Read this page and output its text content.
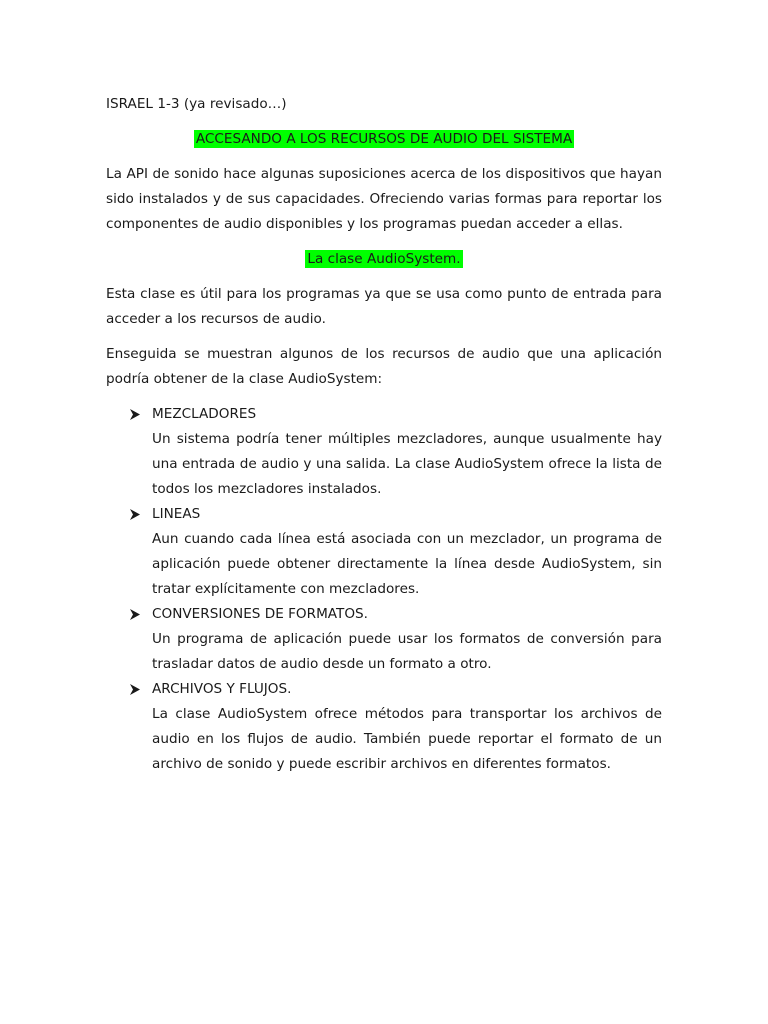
ISRAEL 1-3 (ya revisado…)
ACCESANDO A LOS RECURSOS DE AUDIO DEL SISTEMA

La API de sonido hace algunas suposiciones acerca de los dispositivos que hayan sido instalados y de sus capacidades. Ofreciendo varias formas para reportar los componentes de audio disponibles y los programas puedan acceder a ellas.

La clase AudioSystem.

Esta clase es útil para los programas ya que se usa como punto de entrada para acceder a los recursos de audio.

Enseguida se muestran algunos de los recursos de audio que una aplicación podría obtener de la clase AudioSystem:

MEZCLADORES
Un sistema podría tener múltiples mezcladores, aunque usualmente hay una entrada de audio y una salida. La clase AudioSystem ofrece la lista de todos los mezcladores instalados.
LINEAS
Aun cuando cada línea está asociada con un mezclador, un programa de aplicación puede obtener directamente la línea desde AudioSystem, sin tratar explícitamente con mezcladores.
CONVERSIONES DE FORMATOS.
Un programa de aplicación puede usar los formatos de conversión para trasladar datos de audio desde un formato a otro.
ARCHIVOS Y FLUJOS.
La clase AudioSystem ofrece métodos para transportar los archivos de audio en los flujos de audio. También puede reportar el formato de un archivo de sonido y puede escribir archivos en diferentes formatos.
